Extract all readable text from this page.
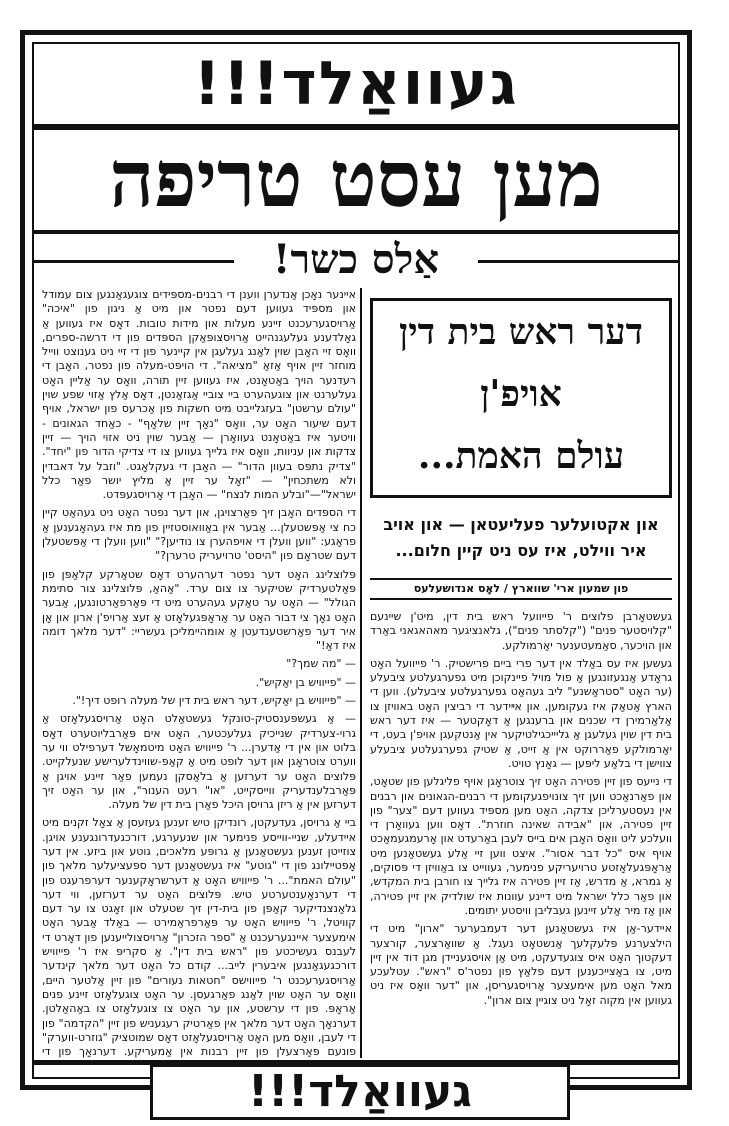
געוואַלד!!!
מען עסט טריפה
אַלס כשר!
דער ראש בית דין
אויפ'ן
עולם האמת...
און אקטועלער פעליעטאן — און אויב איר ווילט, איז עס ניט קיין חלום...
פון שמעון ארי' שווארץ / לאָס אנדושעלעס

געשטאָרבן פלוצים ר' פייוועל ראש בית דין, מיט'ן שיינעם "קלויסטער פנים" ("קלסתר פנים"), גלאנציגער מאהאגאני באַרד און הויכער, סאַמעטענער יאַרמולקע.

געשען איז עס באַלד אין דער פרי ביים פרישטיק. ר' פייוועל האָט גראָדע אַנגעזונגען אַ פול מויל פיינקוכן מיט גפערגעלטע ציבעלע (ער האָט "סטראַשנע" ליב געהאַט גפערגעלטע ציבעלע). ווען די הארץ אַטאַק איז געקומען, און אײידער די רביצין האָט באוויזן צו אַלאַרמירן די שכנים און ברענגען אַ דאָקטער — איז דער ראש בית דין שוין געלעגן אַ גליייכגילטיקער אין אַנטקעגן אויפ'ן בעט, די יאַרמולקע פאַררוקט אין אַ זייט, אַ שטיק גפערגעלטע ציבעלע צווישן די בלאַע ליפּען — גאָנץ טויט.

די נייעס פון זיין פטירה האָט זיך צוטראָגן אויף פליגלען פון שטאָט, און פאַרנאַכט ווען זיך צונויפגעקומען די רבנים-הגאונים און רבנים אין נעסטערליכן צדקה, האָט מען מספּיד געווען דעם "צער" פון זיין פטירה, און "אבידה שאינה חוזרת". דאָס ווען געוואָרן די וועלכע ליט וואָס האָבן אים בייס לעבן באַרעדט און אָרעמגעמאַכט אויף איס "כל דבר אסור". איצט ווען זיי אַלע געשטאַנען מיט אַראָפּגעלאָזטע טרויעריקע פנימער, געווייט צו באַוויזן די פּסוקים, אַ גמרא, אַ מדרש, אַז זיין פטירה איז גלייך צו חורבן בית המקדש, און פאַר כלל ישראל מיט דיינע עוונות איז שולדיק אין זיין פטירה, און אַז מיר אַלע זיינען געבליבן וויסטע יתומים.

איידער-אַן איז געשטאַנען דער דעמבערער "ארון" מיט די הילצערנע פּלעקלעך אַנשטאָט נעגל. אַ שוואַרצער, קורצער דעקטוך האָט איס צוגעדעקט, מיט אַן אויסגעניידן מגן דוד אין זיין מיט, צו באַצייכענען דעם פלאַץ פון נפטר'ס "ראש". עטלעכע מאל האָט מען אימעצער אַרויסגעריסן, און "דער וואָס איז ניט געווען אין מקוה זאָל ניט צוגיין צום ארון".

איינער נאָכן אַנדערן ווענן די רבנים-מספּידים צוגעגאַנגען צום עמודל און מספּיד געווען דעם נפטר און מיט אַ ניגון פון "איכה" אַרויסגערעכנט זיינע מעלות און מידות טובות. דאָס איז געווען אַ גאָלדענע געלעגנהייט אַרויסצופּאַקן הספּדים פון די דרשה-ספרים, וואָס זיי האָבן שוין לאַנג געלעגן אין קיינער פון די זיי ניט גענוצט ווייל מוחזר זיין אויף אַזאַ "מציאה". די הויפּט-מעלה פון נפטר, האָבן די רעדנער הויך באַטאָנט, איז געווען זיין תורה, וואָס ער אַליין האָט געלערנט און צוגעהערט ביי צוביי אַגזאַנטן, דאָס אַלץ אַזוי שפע שוין "עולם ערשטן" בעזגלייבט מיט חשקות פון אַכרעס פון ישראל, אויף דעם שיעור האָט ער, וואָס "נאָך זיין שלאָף" - כאַחד הגאונים - וויטער איז באַטאָנט געוואָרן — אַבער שוין ניט אזוי הויך — זיין צדקות און עניוות, וואָס איז גלייך געווען צו די צדיקי הדור פון "יחד". "צדיק נתפּס בעוון הדור" — האָבן די געקלאָגט. "וזבל על דאבדין ולא משתכחין" — "זאָל ער זיין אַ מליץ יושר פאַר כלל ישראל"—"ובלע המות לנצח" — האָבן די אָרויסגעפּדט.

די הספּדים האָבן זיך פאַרצויגן, און דער נפטר האָט ניט געהאַט קיין כח צי אַפּשטעלן... אַבער אין באַוואוסטזיין פון מת איז געהאָגענען אַ פראַגע: "ווען וועלן די אויפהערן צו נודיען?" "ווען וועלן די אַפּשטעלן דעם שטראָם פון "היסט' טרויעריק טרערן?"

פּלוצלינג האָט דער נפטר דערהערט דאָס שטאַרקע קלאַפּן פון פּאַלטערדיק שטיקער צו צום ערד. "אַהאַ, פּלוצלינג צור סתימת הגולל" — האָט ער טאַקע געהערט מיט די פּאַרפאַרטונגען, אַבער האָט נאָך צי דבור האָט ער אַראָפּגעלאָזט אַ זעצ אַרויפ'ן ארון און אָן איר דער פאַרשטענדעטן אַ אומהיימליכן געשריי: "דער מלאך דומה איז דאַ!"

— "מה שמך?"

— "פייוויש בן יאַקיש".

— "פייוויש בן יאַקיש, דער ראש בית דין של מעלה רופט דיך!".

— אַ געשפּענסטיק-טונקל געשטאַלט האָט אַרויסגעלאָזט אַ גרוי-צערדיק שנייכיק געלעכטער, האָט אים פּאַרבליוטערט דאָס בלוט און אין די אַדערן... ר' פייוויש האָט מיטמאָשל דערפילט ווי ער ווערט צוטראָגן און דער לופט מיט אַ קאַפּ-שווינדלערישע שנעלקייט. פּלוצים האָט ער דערזען אַ בלאַסקן נעמען פאַר זיינע אויגן אַ פּאַרבלענדעריק ווייסקייט, "או" רעט הענור", און ער האָט זיך דערזען אין אַ ריזן גרויסן היכל פאַרן בית דין של מעלה.

ביי אַ גרויסן, געדעקטן, רונדיקן טיש זענען געזעסן אַ צאָל זקנים מיט איידעלע, שניי-ווייסע פנימער און שנעערגע, דורכגעדרונגענע אויגן. צוזייטן זענען געשטאַנען אַ גרופּע מלאכים, גוטע און ביזע. אין דער אָפּטיילונג פון די "גוטע" איז געשטאַנען דער ספּעציעלער מלאך פון "עולם האמת"... ר' פייוויש האָט אַ דערשראָקענער דערפרעגט פון די דערנאָענטערטע טיש. פּלוצים האָט ער דערזען, ווי דער גלאַנצנדיקער קאַפּן פון בית-דין זיך שטעלט און זאָגט צו ער דעם קוויטל, ר' פייוויש האָט ער פּאַרפראַמירט — באַלד אַבער האָט אימעצער איינגערעכנט אַ "ספר הזכרון" אַרויסצולייענען פון דאָרט די לעבנס געשיכטע פון "ראש בית דין". אַ סקריפּ איז ר' פייוויש דורכגעגאַנגען איבערין לייב... קודם כל האָט דער מלאך קינדער אַרויסגערעכנט ר' פייווישס "חטאות נעורים" פון זיין אַלטער היים, וואָס ער האָט שוין לאַנג פאַרגעסן. ער האָט צוגעלאָזט זיינע פנים אַראָפּ. פון די ערשטע, און ער האָט צו צוגעלאָזט צו באַהאַלטן. דערנאָך האָט דער מלאך אין פאַרטיק רעגעניש פון זיין "הקדמה" פון די לעבן, וואָס מען האָט אַרויסגעלאָזט דאָס שמוטציק "גוזרט-ווערק" פונעם פּאַרצעלן פון זיין רבנות אין אַמעריקע. דערנאָך פון די

געוואַלד!!!
